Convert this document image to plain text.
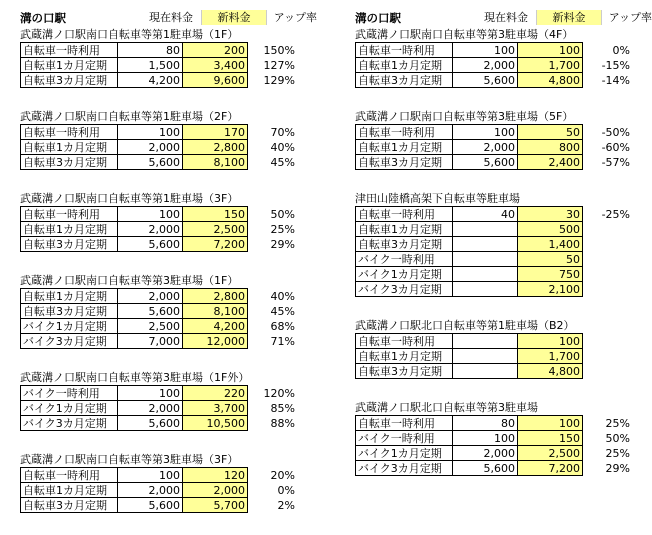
溝の口駅	現在料金	新料金	アップ率
武蔵溝ノ口駅南口自転車等第1駐車場（1F）
自転車一時利用	80	200	150%
自転車1カ月定期	1,500	3,400	127%
自転車3カ月定期	4,200	9,600	129%
武蔵溝ノ口駅南口自転車等第1駐車場（2F）
自転車一時利用	100	170	70%
自転車1カ月定期	2,000	2,800	40%
自転車3カ月定期	5,600	8,100	45%
武蔵溝ノ口駅南口自転車等第1駐車場（3F）
自転車一時利用	100	150	50%
自転車1カ月定期	2,000	2,500	25%
自転車3カ月定期	5,600	7,200	29%
武蔵溝ノ口駅南口自転車等第3駐車場（1F）
自転車1カ月定期	2,000	2,800	40%
自転車3カ月定期	5,600	8,100	45%
バイク1カ月定期	2,500	4,200	68%
バイク3カ月定期	7,000	12,000	71%
武蔵溝ノ口駅南口自転車等第3駐車場（1F外）
バイク一時利用	100	220	120%
バイク1カ月定期	2,000	3,700	85%
バイク3カ月定期	5,600	10,500	88%
武蔵溝ノ口駅南口自転車等第3駐車場（3F）
自転車一時利用	100	120	20%
自転車1カ月定期	2,000	2,000	0%
自転車3カ月定期	5,600	5,700	2%
溝の口駅	現在料金	新料金	アップ率
武蔵溝ノ口駅南口自転車等第3駐車場（4F）
自転車一時利用	100	100	0%
自転車1カ月定期	2,000	1,700	-15%
自転車3カ月定期	5,600	4,800	-14%
武蔵溝ノ口駅南口自転車等第3駐車場（5F）
自転車一時利用	100	50	-50%
自転車1カ月定期	2,000	800	-60%
自転車3カ月定期	5,600	2,400	-57%
津田山陸橋高架下自転車等駐車場
自転車一時利用	40	30	-25%
自転車1カ月定期		500	
自転車3カ月定期		1,400	
バイク一時利用		50	
バイク1カ月定期		750	
バイク3カ月定期		2,100	
武蔵溝ノ口駅北口自転車等第1駐車場（B2）
自転車一時利用		100	
自転車1カ月定期		1,700	
自転車3カ月定期		4,800	
武蔵溝ノ口駅北口自転車等第3駐車場
自転車一時利用	80	100	25%
バイク一時利用	100	150	50%
バイク1カ月定期	2,000	2,500	25%
バイク3カ月定期	5,600	7,200	29%
